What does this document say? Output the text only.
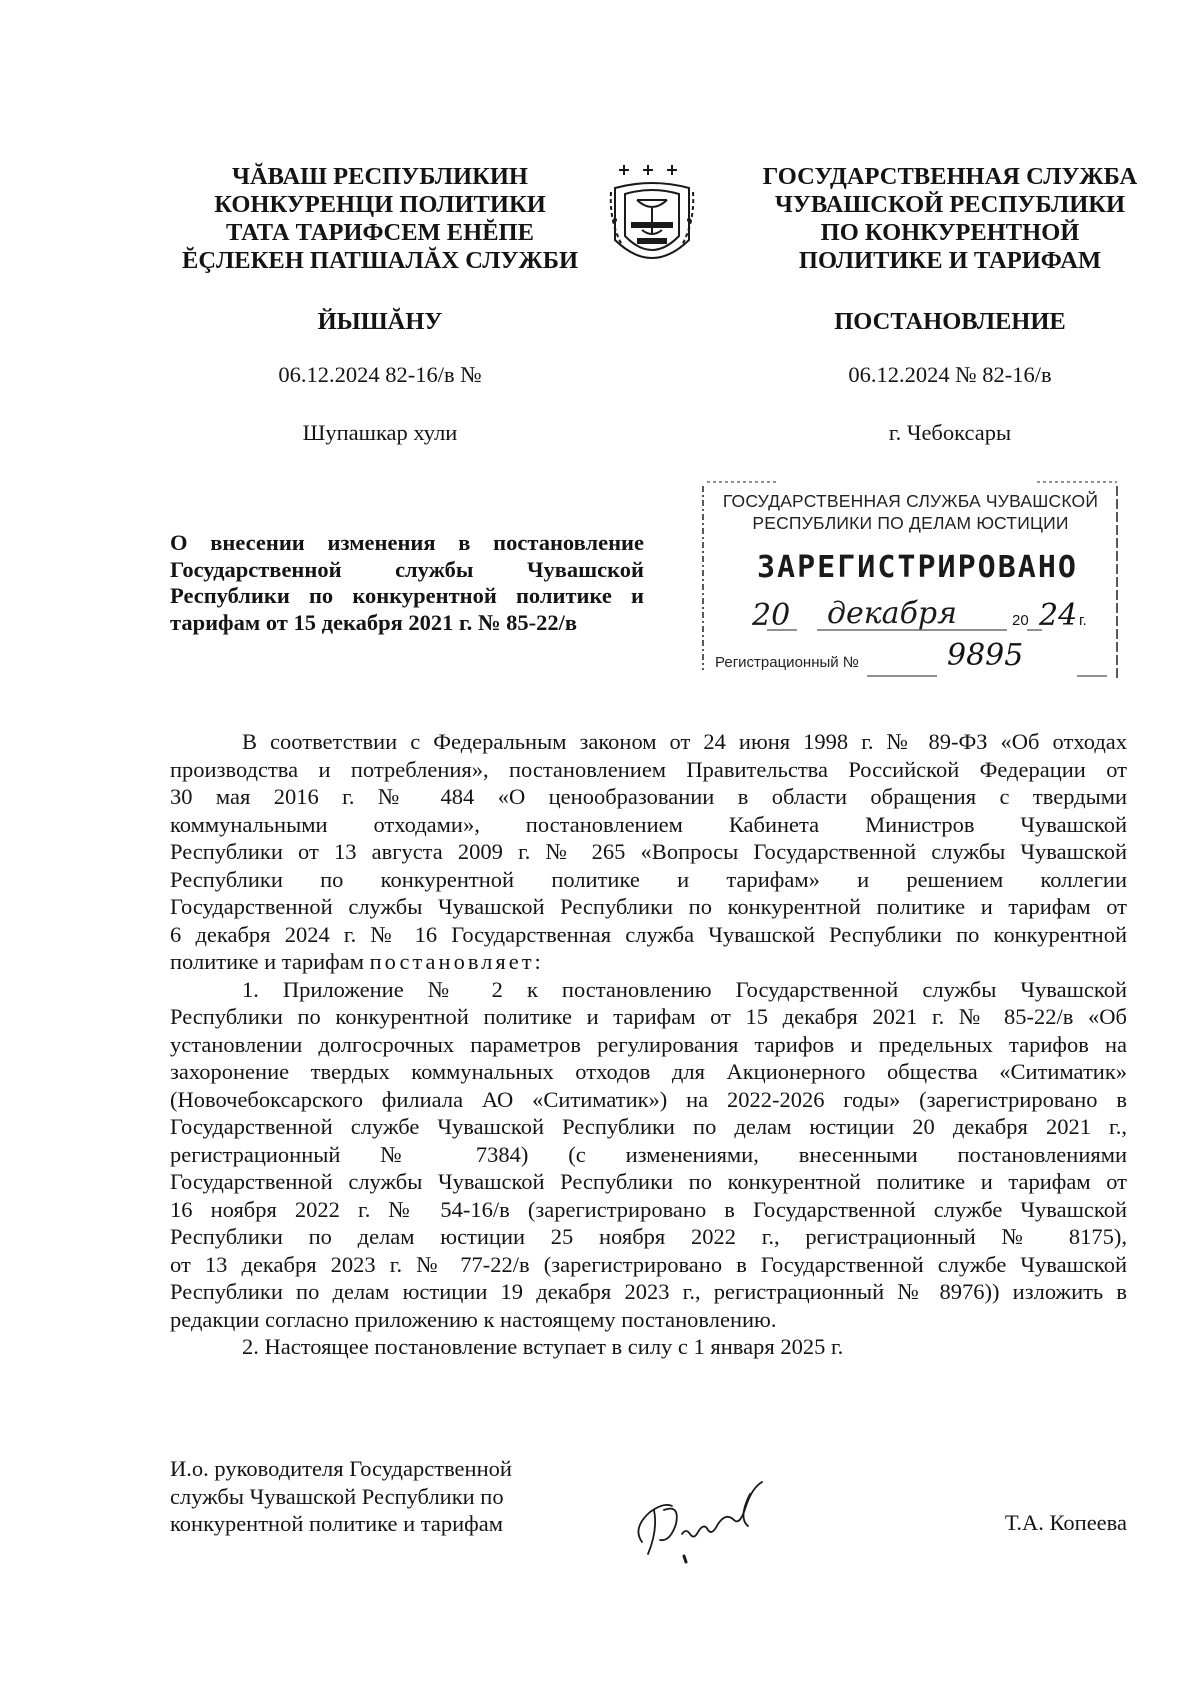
ЧĂВАШ РЕСПУБЛИКИН
КОНКУРЕНЦИ ПОЛИТИКИ
ТАТА ТАРИФСЕМ ЕНĔПЕ
ĔÇЛЕКЕН ПАТШАЛĂХ СЛУЖБИ
ГОСУДАРСТВЕННАЯ СЛУЖБА
ЧУВАШСКОЙ РЕСПУБЛИКИ
ПО КОНКУРЕНТНОЙ
ПОЛИТИКЕ И ТАРИФАМ
ЙЫШĂНУ	ПОСТАНОВЛЕНИЕ
06.12.2024 82-16/в №	06.12.2024 № 82-16/в
Шупашкар хули	г. Чебоксары
О внесении изменения в постановление
Государственной службы Чувашской
Республики по конкурентной политике и
тарифам от 15 декабря 2021 г. № 85-22/в
ГОСУДАРСТВЕННАЯ СЛУЖБА ЧУВАШСКОЙ
РЕСПУБЛИКИ ПО ДЕЛАМ ЮСТИЦИИ
ЗАРЕГИСТРИРОВАНО
20 декабря	20 24 г.
Регистрационный №	9895
В соответствии с Федеральным законом от 24 июня 1998 г. № 89-ФЗ «Об отходах
производства и потребления», постановлением Правительства Российской Федерации от
30 мая 2016 г. № 484 «О ценообразовании в области обращения с твердыми
коммунальными отходами», постановлением Кабинета Министров Чувашской
Республики от 13 августа 2009 г. № 265 «Вопросы Государственной службы Чувашской
Республики по конкурентной политике и тарифам» и решением коллегии
Государственной службы Чувашской Республики по конкурентной политике и тарифам от
6 декабря 2024 г. № 16 Государственная служба Чувашской Республики по конкурентной
политике и тарифам постановляет:
1. Приложение № 2 к постановлению Государственной службы Чувашской
Республики по конкурентной политике и тарифам от 15 декабря 2021 г. № 85-22/в «Об
установлении долгосрочных параметров регулирования тарифов и предельных тарифов на
захоронение твердых коммунальных отходов для Акционерного общества «Ситиматик»
(Новочебоксарского филиала АО «Ситиматик») на 2022-2026 годы» (зарегистрировано в
Государственной службе Чувашской Республики по делам юстиции 20 декабря 2021 г.,
регистрационный № 7384) (с изменениями, внесенными постановлениями
Государственной службы Чувашской Республики по конкурентной политике и тарифам от
16 ноября 2022 г. № 54-16/в (зарегистрировано в Государственной службе Чувашской
Республики по делам юстиции 25 ноября 2022 г., регистрационный № 8175),
от 13 декабря 2023 г. № 77-22/в (зарегистрировано в Государственной службе Чувашской
Республики по делам юстиции 19 декабря 2023 г., регистрационный № 8976)) изложить в
редакции согласно приложению к настоящему постановлению.
2. Настоящее постановление вступает в силу с 1 января 2025 г.
И.о. руководителя Государственной
службы Чувашской Республики по
конкурентной политике и тарифам	Т.А. Копеева
